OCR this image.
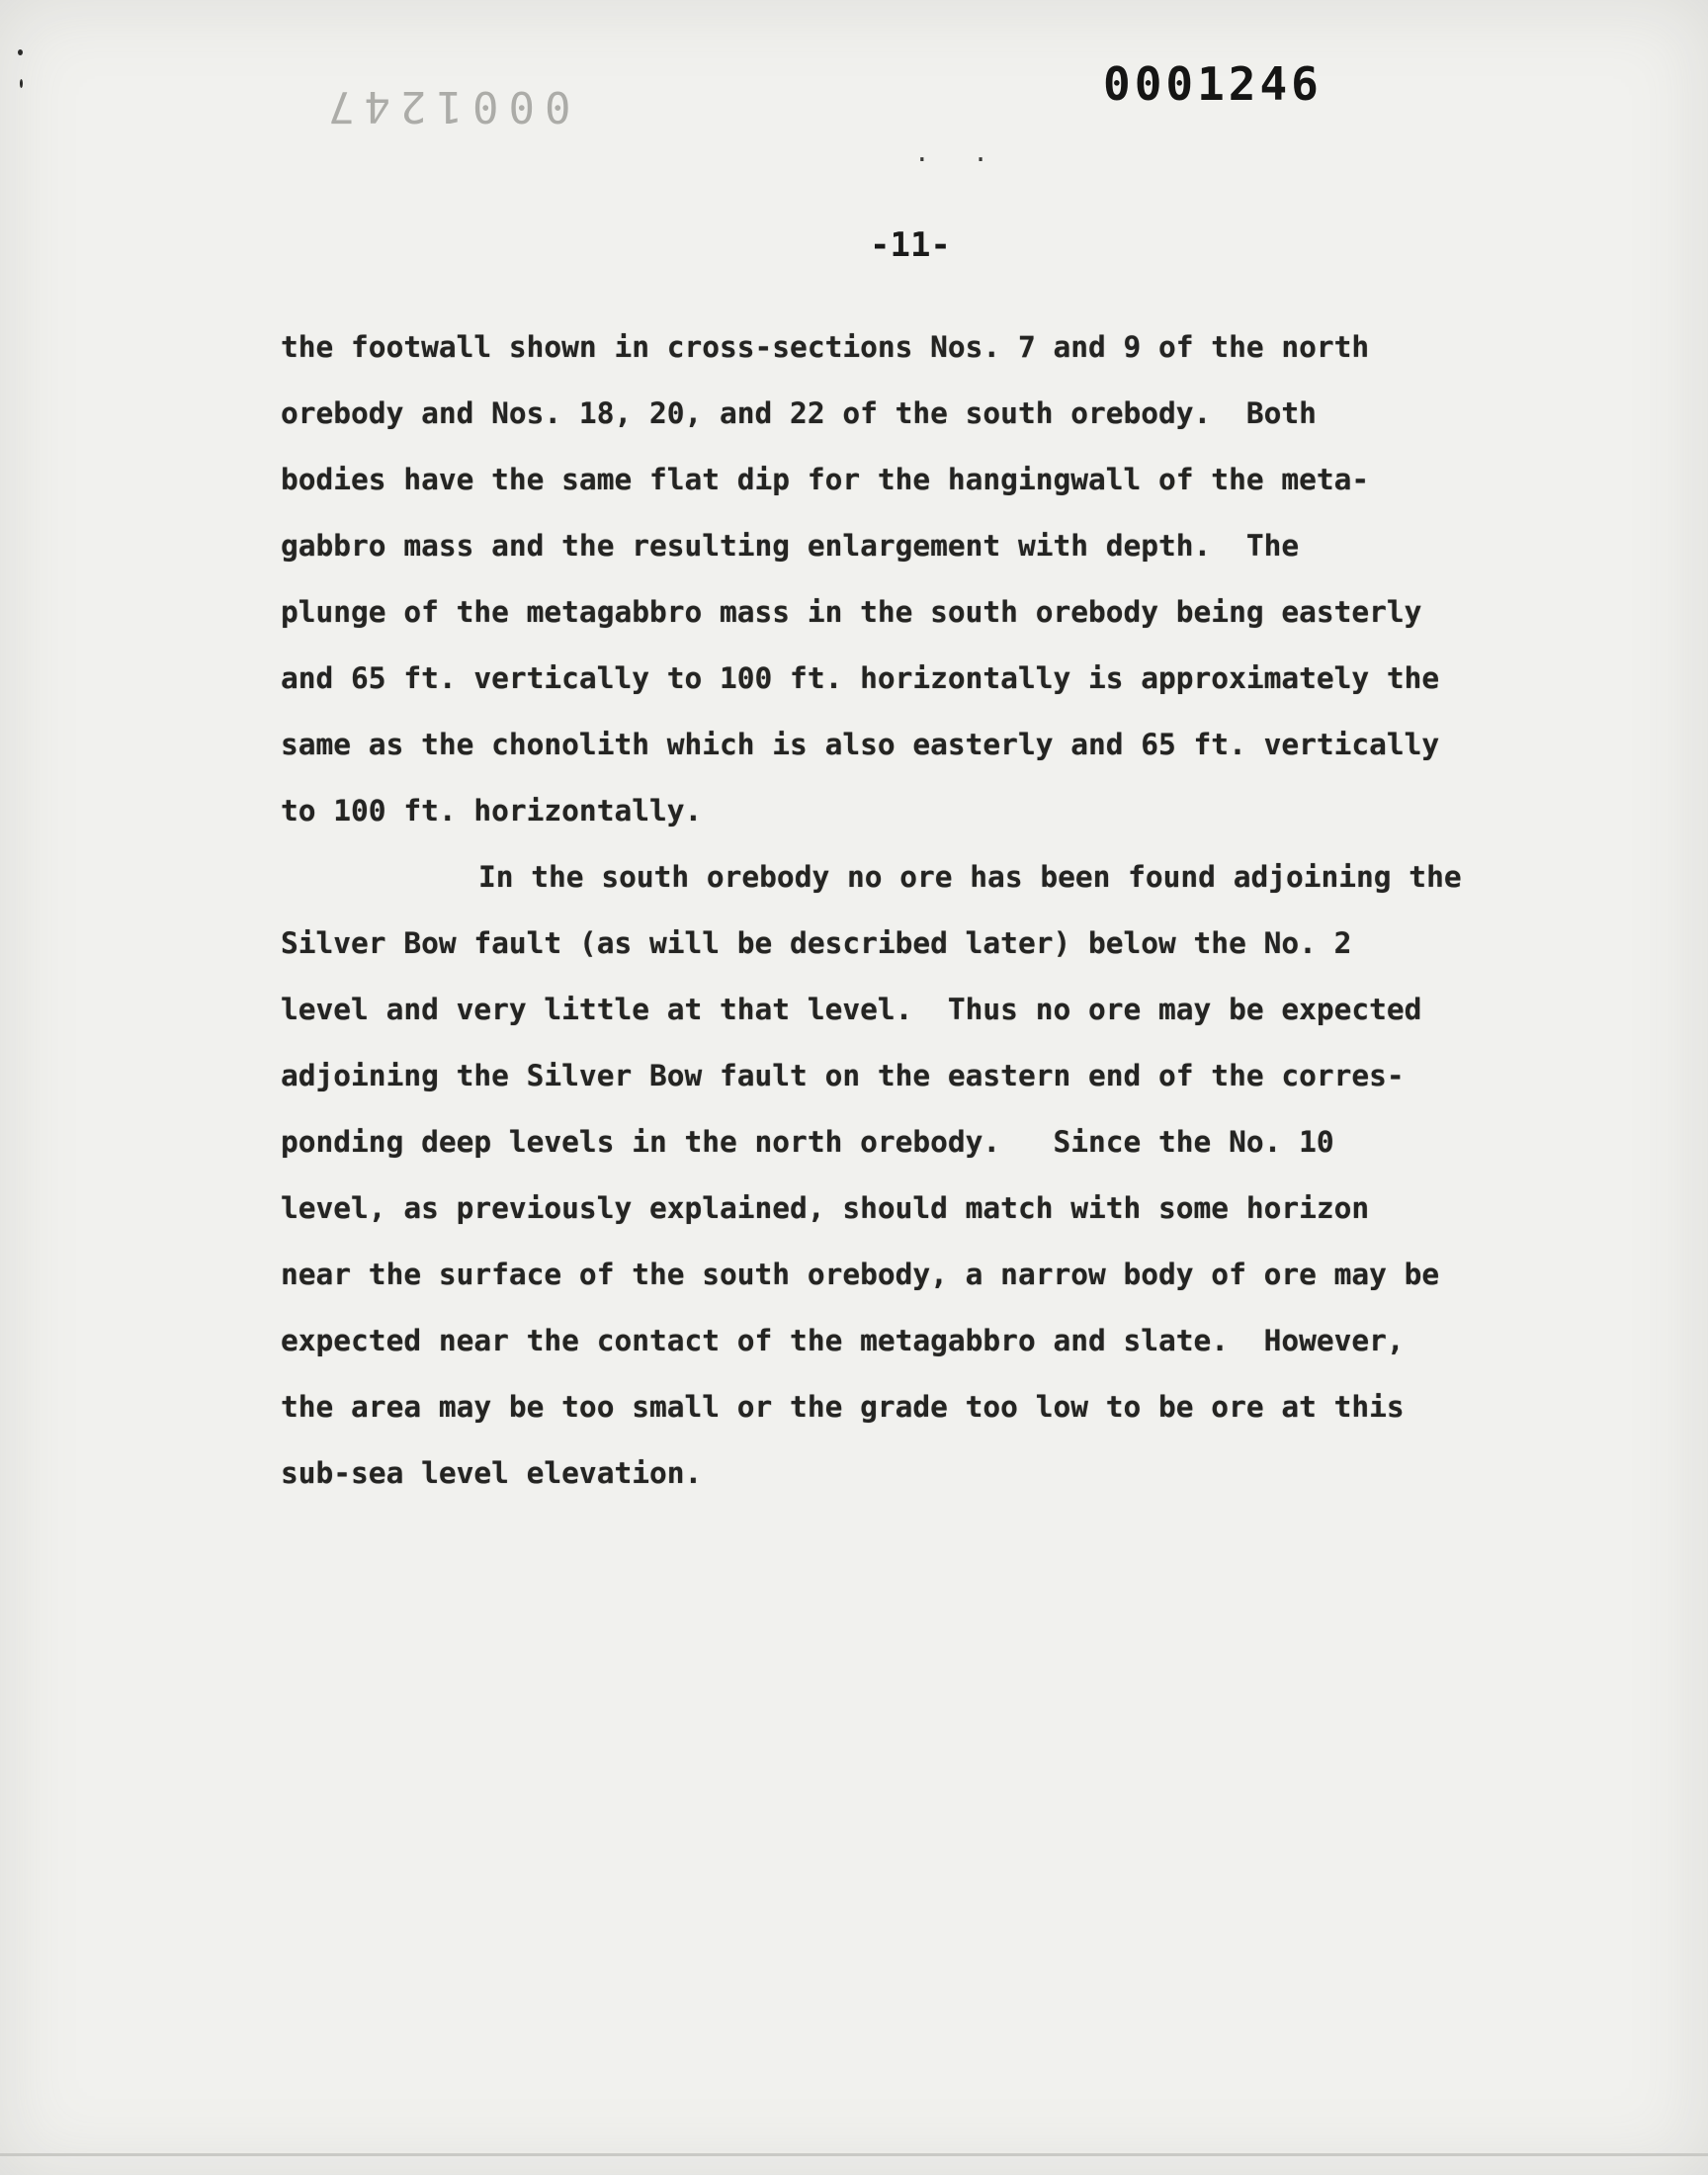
0001247	0001246
. .
-11-
the footwall shown in cross-sections Nos. 7 and 9 of the north
orebody and Nos. 18, 20, and 22 of the south orebody.  Both
bodies have the same flat dip for the hangingwall of the meta-
gabbro mass and the resulting enlargement with depth.  The
plunge of the metagabbro mass in the south orebody being easterly
and 65 ft. vertically to 100 ft. horizontally is approximately the
same as the chonolith which is also easterly and 65 ft. vertically
to 100 ft. horizontally.
In the south orebody no ore has been found adjoining the
Silver Bow fault (as will be described later) below the No. 2
level and very little at that level.  Thus no ore may be expected
adjoining the Silver Bow fault on the eastern end of the corres-
ponding deep levels in the north orebody.   Since the No. 10
level, as previously explained, should match with some horizon
near the surface of the south orebody, a narrow body of ore may be
expected near the contact of the metagabbro and slate.  However,
the area may be too small or the grade too low to be ore at this
sub-sea level elevation.
